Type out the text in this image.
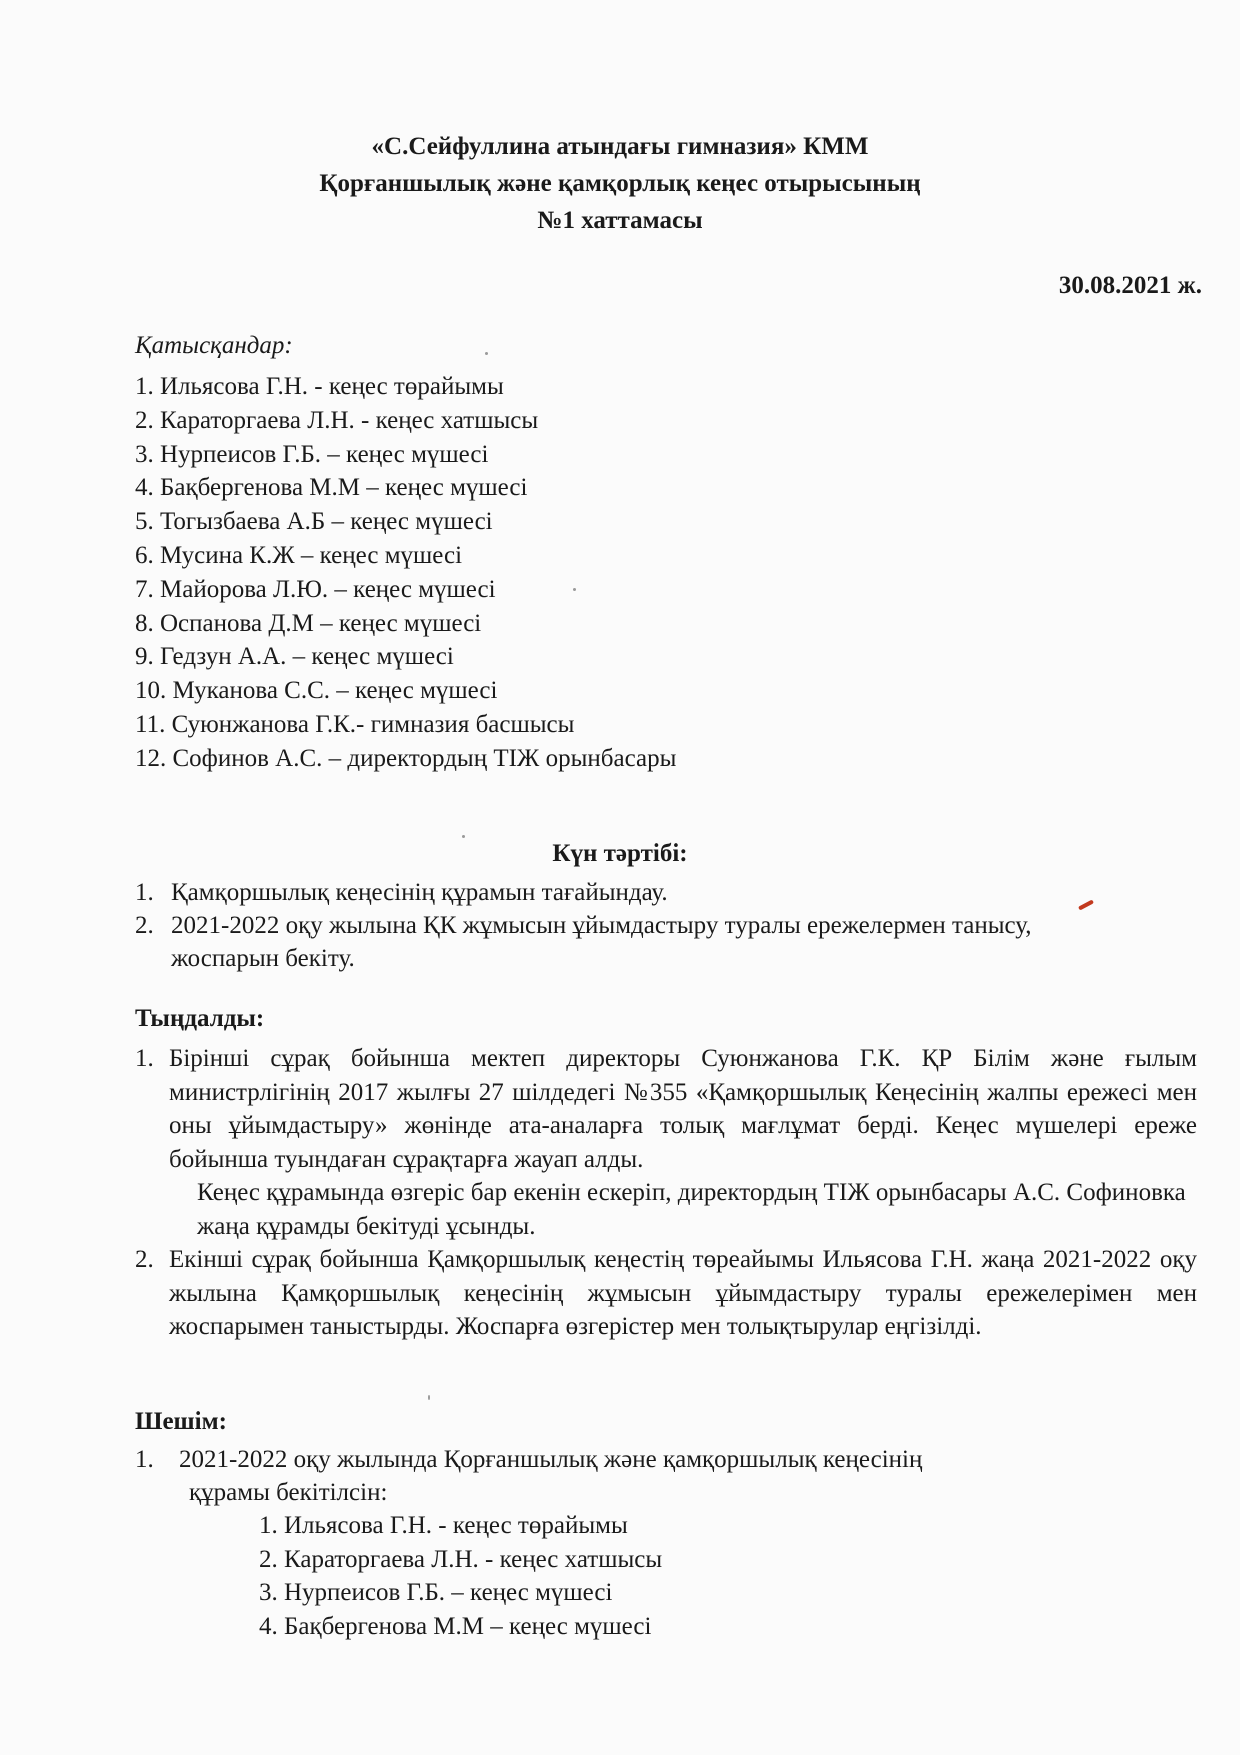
«С.Сейфуллина атындағы гимназия» КММ
Қорғаншылық және қамқорлық кеңес отырысының
№1 хаттамасы
30.08.2021 ж.
Қатысқандар:
1. Ильясова Г.Н. - кеңес төрайымы
2. Караторгаева Л.Н. - кеңес хатшысы
3. Нурпеисов Г.Б. – кеңес мүшесі
4. Бақбергенова М.М – кеңес мүшесі
5. Тогызбаева А.Б – кеңес мүшесі
6. Мусина К.Ж – кеңес мүшесі
7. Майорова Л.Ю. – кеңес мүшесі
8. Оспанова Д.М – кеңес мүшесі
9. Гедзун А.А. – кеңес мүшесі
10. Муканова С.С. – кеңес мүшесі
11. Суюнжанова Г.К.- гимназия басшысы
12. Софинов А.С. – директордың ТІЖ орынбасары
Күн тәртібі:
1. Қамқоршылық кеңесінің құрамын тағайындау.
2. 2021-2022 оқу жылына ҚК жұмысын ұйымдастыру туралы ережелермен танысу, жоспарын бекіту.
Тыңдалды:
1. Бірінші сұрақ бойынша мектеп директоры Суюнжанова Г.К. ҚР Білім және ғылым министрлігінің 2017 жылғы 27 шілдедегі №355 «Қамқоршылық Кеңесінің жалпы ережесі мен оны ұйымдастыру» жөнінде ата-аналарға толық мағлұмат берді. Кеңес мүшелері ереже бойынша туындаған сұрақтарға жауап алды.
Кеңес құрамында өзгеріс бар екенін ескеріп, директордың ТІЖ орынбасары А.С. Софиновка жаңа құрамды бекітуді ұсынды.
2. Екінші сұрақ бойынша Қамқоршылық кеңестің төреайымы Ильясова Г.Н. жаңа 2021-2022 оқу жылына Қамқоршылық кеңесінің жұмысын ұйымдастыру туралы ережелерімен мен жоспарымен таныстырды. Жоспарға өзгерістер мен толықтырулар еңгізілді.
Шешім:
1. 2021-2022 оқу жылында Қорғаншылық және қамқоршылық кеңесінің
құрамы бекітілсін:
1. Ильясова Г.Н. - кеңес төрайымы
2. Караторгаева Л.Н. - кеңес хатшысы
3. Нурпеисов Г.Б. – кеңес мүшесі
4. Бақбергенова М.М – кеңес мүшесі
